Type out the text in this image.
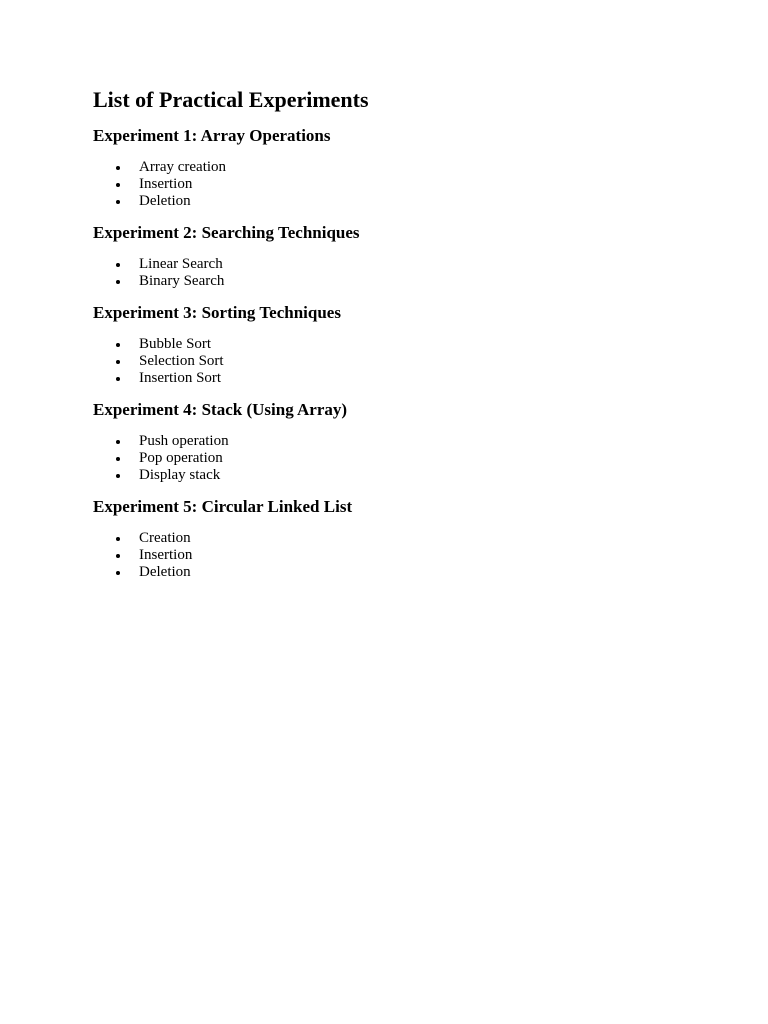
List of Practical Experiments
Experiment 1: Array Operations
Array creation
Insertion
Deletion
Experiment 2: Searching Techniques
Linear Search
Binary Search
Experiment 3: Sorting Techniques
Bubble Sort
Selection Sort
Insertion Sort
Experiment 4: Stack (Using Array)
Push operation
Pop operation
Display stack
Experiment 5: Circular Linked List
Creation
Insertion
Deletion
